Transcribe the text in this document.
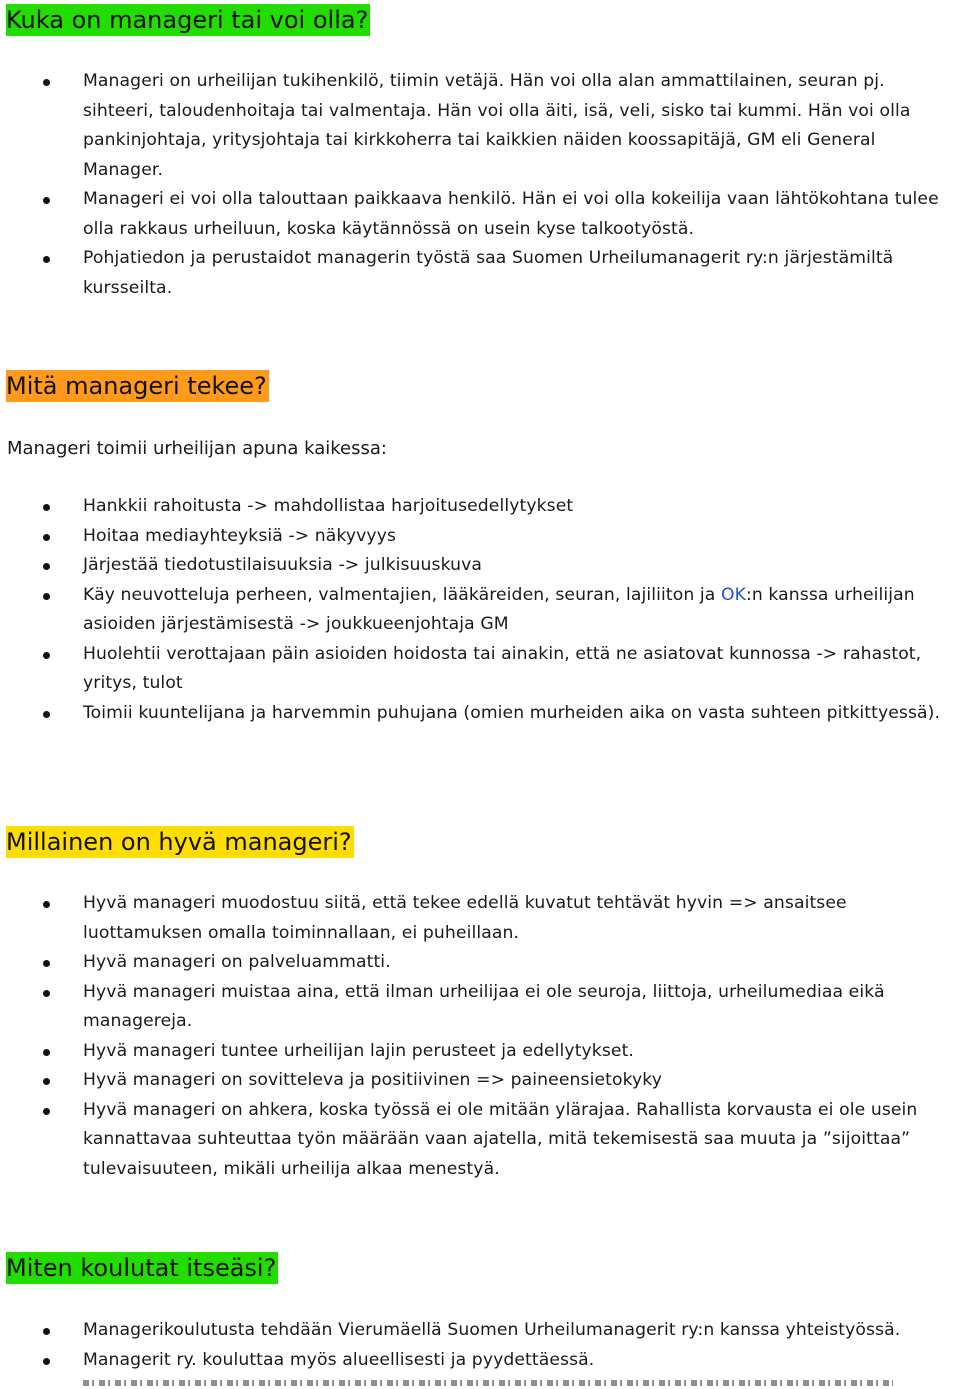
Kuka on manageri tai voi olla?
Manageri on urheilijan tukihenkilö, tiimin vetäjä. Hän voi olla alan ammattilainen, seuran pj. sihteeri, taloudenhoitaja tai valmentaja. Hän voi olla äiti, isä, veli, sisko tai kummi. Hän voi olla pankinjohtaja, yritysjohtaja tai kirkkoherra tai kaikkien näiden koossapitäjä, GM eli General Manager.
Manageri ei voi olla talouttaan paikkaava henkilö. Hän ei voi olla kokeilija vaan lähtökohtana tulee olla rakkaus urheiluun, koska käytännössä on usein kyse talkootyöstä.
Pohjatiedon ja perustaidot managerin työstä saa Suomen Urheilumanagerit ry:n järjestämiltä kursseilta.
Mitä manageri tekee?
Manageri toimii urheilijan apuna kaikessa:
Hankkii rahoitusta -> mahdollistaa harjoitusedellytykset
Hoitaa mediayhteyksiä -> näkyvyys
Järjestää tiedotustilaisuuksia -> julkisuuskuva
Käy neuvotteluja perheen, valmentajien, lääkäreiden, seuran, lajiliiton ja OK:n kanssa urheilijan asioiden järjestämisestä -> joukkueenjohtaja GM
Huolehtii verottajaan päin asioiden hoidosta tai ainakin, että ne asiatovat kunnossa -> rahastot, yritys, tulot
Toimii kuuntelijana ja harvemmin puhujana (omien murheiden aika on vasta suhteen pitkittyessä).
Millainen on hyvä manageri?
Hyvä manageri muodostuu siitä, että tekee edellä kuvatut tehtävät hyvin => ansaitsee luottamuksen omalla toiminnallaan, ei puheillaan.
Hyvä manageri on palveluammatti.
Hyvä manageri muistaa aina, että ilman urheilijaa ei ole seuroja, liittoja, urheilumediaa eikä managereja.
Hyvä manageri tuntee urheilijan lajin perusteet ja edellytykset.
Hyvä manageri on sovitteleva ja positiivinen => paineensietokyky
Hyvä manageri on ahkera, koska työssä ei ole mitään ylärajaa. Rahallista korvausta ei ole usein kannattavaa suhteuttaa työn määrään vaan ajatella, mitä tekemisestä saa muuta ja ”sijoittaa” tulevaisuuteen, mikäli urheilija alkaa menestyä.
Miten koulutat itseäsi?
Managerikoulutusta tehdään Vierumäellä Suomen Urheilumanagerit ry:n kanssa yhteistyössä.
Managerit ry. kouluttaa myös alueellisesti ja pyydettäessä.
